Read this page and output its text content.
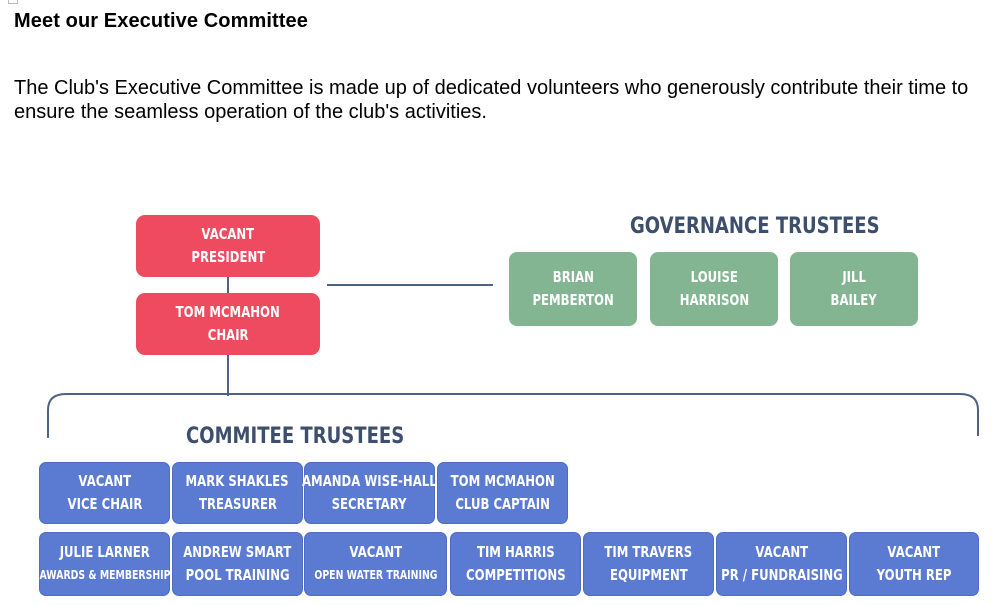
Meet our Executive Committee
The Club's Executive Committee is made up of dedicated volunteers who generously contribute their time to ensure the seamless operation of the club's activities.
VACANT
PRESIDENT
TOM MCMAHON
CHAIR
GOVERNANCE TRUSTEES
BRIAN
PEMBERTON
LOUISE
HARRISON
JILL
BAILEY
COMMITEE TRUSTEES
VACANT
VICE CHAIR
MARK SHAKLES
TREASURER
AMANDA WISE-HALL
SECRETARY
TOM MCMAHON
CLUB CAPTAIN
JULIE LARNER
AWARDS & MEMBERSHIP
ANDREW SMART
POOL TRAINING
VACANT
OPEN WATER TRAINING
TIM HARRIS
COMPETITIONS
TIM TRAVERS
EQUIPMENT
VACANT
PR / FUNDRAISING
VACANT
YOUTH REP
